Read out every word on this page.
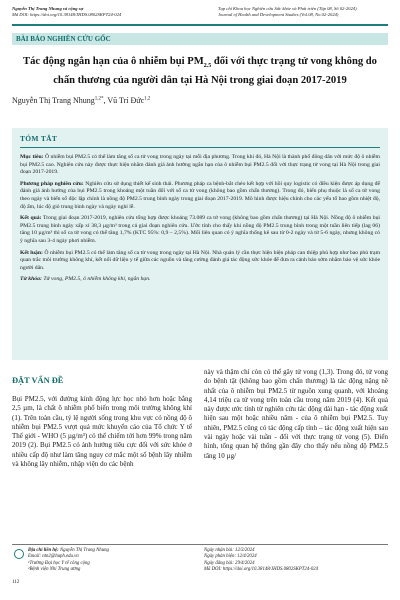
Nguyễn Thị Trang Nhung và cộng sự
Mã DOI: https://doi.org/10.38148/JHDS.0802SKPT24-024
Tạp chí Khoa học Nghiên cứu Sức khỏe và Phát triển (Tập 08, Số 02-2024)
Journal of Health and Development Studies (Vol.08, No.02-2024)
BÀI BÁO NGHIÊN CỨU GỐC
Tác động ngắn hạn của ô nhiễm bụi $PM_{2.5}$ đối với thực trạng tử vong không do chấn thương của người dân tại Hà Nội trong giai đoạn 2017-2019
Nguyễn Thị Trang Nhung$^{1,2*}$, Vũ Trí Đức$^{1,2}$
TÓM TẮT

Mục tiêu: Ô nhiễm bụi PM2.5 có thể làm tăng số ca tử vong trong ngày tại mỗi địa phương. Trong khi đó, Hà Nội là thành phố đông dân với mức độ ô nhiễm bụi PM2.5 cao. Nghiên cứu này được thực hiện nhằm đánh giá ảnh hưởng ngắn hạn của ô nhiễm bụi PM2.5 đối với thực trạng tử vong tại Hà Nội trong giai đoạn 2017-2019.

Phương pháp nghiên cứu: Nghiên cứu sử dụng thiết kế sinh thái. Phương pháp ca bệnh-bắt chéo kết hợp với hồi quy logistic có điều kiện được áp dụng để đánh giá ảnh hưởng của bụi PM2.5 trong khoảng một tuần đối với số ca tử vong (không bao gồm chấn thương). Trong đó, biến phụ thuộc là số ca tử vong theo ngày và biến số độc lập chính là nồng độ PM2.5 trung bình ngày trong giai đoạn 2017-2019. Mô hình được hiệu chỉnh cho các yếu tố bao gồm nhiệt độ, độ ẩm, lúc độ gió trung bình ngày và ngày nghỉ lễ.

Kết quả: Trong giai đoạn 2017-2019, nghiên cứu tổng hợp được khoảng 73.089 ca tử vong (không bao gồm chấn thương) tại Hà Nội. Nồng độ ô nhiễm bụi PM2.5 trung bình ngày xấp xỉ 38,3 µg/m³ trong cả giai đoạn nghiên cứu. Ước tính cho thấy khi nồng độ PM2.5 trung bình trong một tuần liên tiếp (lag 06) tăng 10 µg/m³ thì số ca tử vong có thể tăng 1,7% (KTC 95%: 0,9 – 2,5%). Mối liên quan có ý nghĩa thống kê sau từ 0-2 ngày và từ 5-6 ngày, nhưng không có ý nghĩa sau 3-4 ngày phơi nhiễm.

Kết luận: Ô nhiễm bụi PM2.5 có thể làm tăng số ca tử vong trong ngày tại Hà Nội. Nhà quản lý cần thực hiện biện pháp can thiệp phù hợp như bao phủ trạm quan trắc môi trường không khí, kết nối dữ liệu y tế giữa các nguồn và tăng cường đánh giá tác động sức khỏe để đưa ra cảnh báo sớm nhằm bảo vệ sức khỏe người dân.

Từ khóa: Tử vong, PM2.5, ô nhiễm không khí, ngắn hạn.

ĐẶT VẤN ĐỀ

Bụi PM2.5, với đường kính động lực học nhỏ hơn hoặc bằng 2,5 µm, là chất ô nhiễm phổ biến trong môi trường không khí (1). Trên toàn cầu, tỷ lệ người sống trong khu vực có nồng độ ô nhiễm bụi PM2.5 vượt quá mức khuyến cáo của Tổ chức Y tế Thế giới - WHO (5 µg/m³) có thể chiếm tới hơn 99% trong năm 2019 (2). Bụi PM2.5 có ảnh hưởng tiêu cực đối với sức khỏe ở nhiều cấp độ như làm tăng nguy cơ mắc một số bệnh lây nhiễm và không lây nhiễm, nhập viện do các bệnh

này và thậm chí còn có thể gây tử vong (1,3). Trong đó, tử vong do bệnh tật (không bao gồm chấn thương) là tác động nặng nề nhất của ô nhiễm bụi PM2.5 từ nguồn xung quanh, với khoảng 4,14 triệu ca tử vong trên toàn cầu trong năm 2019 (4). Kết quả này được ước tính từ nghiên cứu tác động dài hạn - tác động xuất hiện sau một hoặc nhiều năm - của ô nhiễm bụi PM2.5. Tuy nhiên, PM2.5 cũng có tác động cấp tính – tác động xuất hiện sau vài ngày hoặc vài tuần - đối với thực trạng tử vong (5). Điển hình, tổng quan hệ thống gần đây cho thấy nếu nồng độ PM2.5 tăng 10 µg/

Địa chỉ liên hệ: Nguyễn Thị Trang Nhung
Email: ntn2@huph.edu.vn
¹Trường Đại học Y tế công cộng
²Bệnh viện Nhi Trung ương
Ngày nhận bài: 12/3/2024
Ngày phản biện: 12/4/2024
Ngày đăng bài: 29/4/2024
Mã DOI: https://doi.org/10.38148/JHDS.0802SKPT24-024
112
